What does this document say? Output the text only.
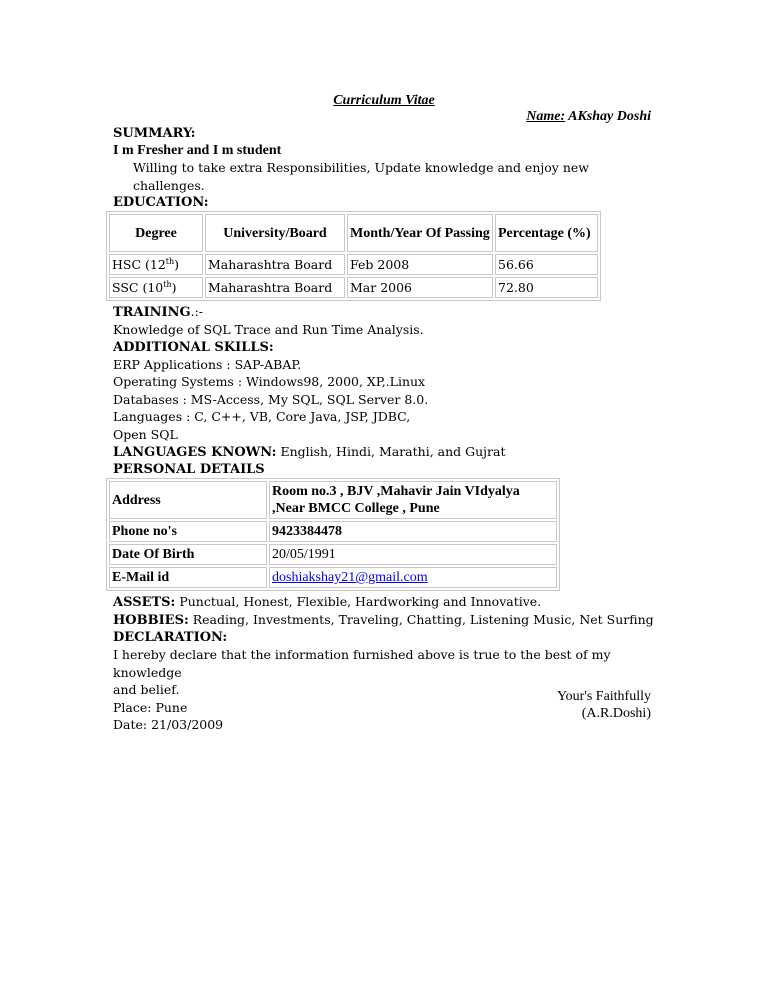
Curriculum Vitae
Name: AKshay Doshi
SUMMARY:
I m Fresher and I m student
Willing to take extra Responsibilities, Update knowledge and enjoy new challenges.
EDUCATION:
Degree	University/Board	Month/Year Of Passing	Percentage (%)
HSC (12th)	Maharashtra Board	Feb 2008	56.66
SSC (10th)	Maharashtra Board	Mar 2006	72.80
TRAINING.:-
Knowledge of SQL Trace and Run Time Analysis.
ADDITIONAL SKILLS:
ERP Applications : SAP-ABAP.
Operating Systems : Windows98, 2000, XP,.Linux
Databases : MS-Access, My SQL, SQL Server 8.0.
Languages : C, C++, VB, Core Java, JSP, JDBC,
Open SQL
LANGUAGES KNOWN: English, Hindi, Marathi, and Gujrat
PERSONAL DETAILS
Address	Room no.3 , BJV ,Mahavir Jain VIdyalya
,Near BMCC College , Pune

Phone no's	9423384478
Date Of Birth	20/05/1991
E-Mail id	doshiakshay21@gmail.com
ASSETS: Punctual, Honest, Flexible, Hardworking and Innovative.
HOBBIES: Reading, Investments, Traveling, Chatting, Listening Music, Net Surfing
DECLARATION:
I hereby declare that the information furnished above is true to the best of my knowledge
and belief.
Place: Pune
Date: 21/03/2009
Your's Faithfully
(A.R.Doshi)
